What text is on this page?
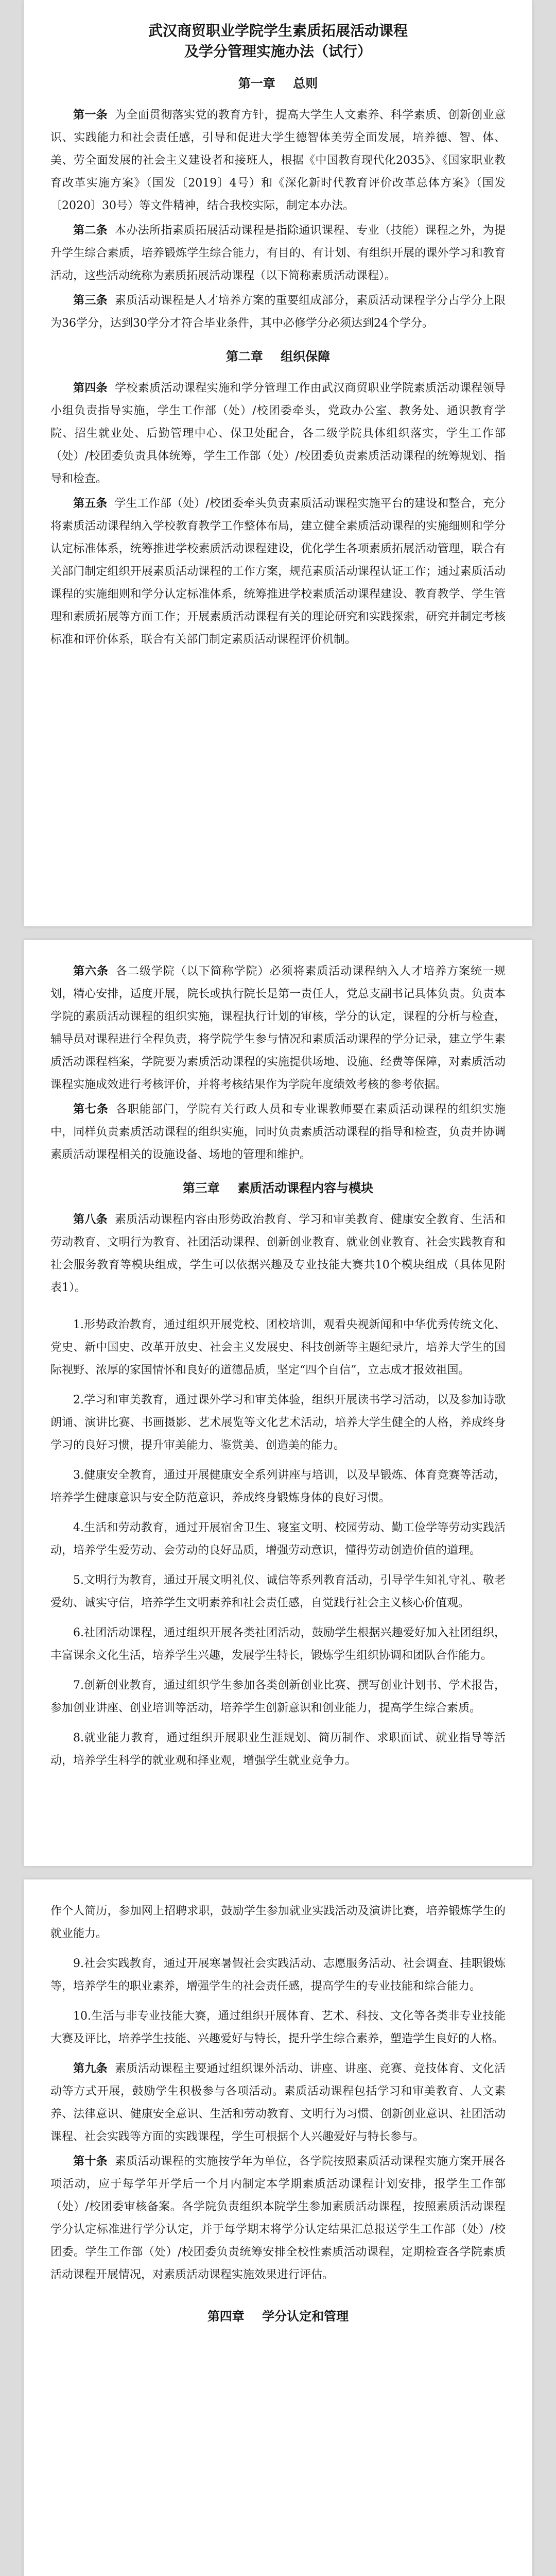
武汉商贸职业学院学生素质拓展活动课程
及学分管理实施办法（试行）
第一章 总则

第一条 为全面贯彻落实党的教育方针，提高大学生人文素养、科学素质、创新创业意识、实践能力和社会责任感，引导和促进大学生德智体美劳全面发展，培养德、智、体、美、劳全面发展的社会主义建设者和接班人，根据《中国教育现代化2035》、《国家职业教育改革实施方案》（国发〔2019〕4号）和《深化新时代教育评价改革总体方案》（国发〔2020〕30号）等文件精神，结合我校实际，制定本办法。

第二条 本办法所指素质拓展活动课程是指除通识课程、专业（技能）课程之外，为提升学生综合素质，培养锻炼学生综合能力，有目的、有计划、有组织开展的课外学习和教育活动，这些活动统称为素质拓展活动课程（以下简称素质活动课程）。

第三条 素质活动课程是人才培养方案的重要组成部分，素质活动课程学分占学分上限为36学分，达到30学分才符合毕业条件，其中必修学分必须达到24个学分。

第二章 组织保障

第四条 学校素质活动课程实施和学分管理工作由武汉商贸职业学院素质活动课程领导小组负责指导实施，学生工作部（处）/校团委牵头，党政办公室、教务处、通识教育学院、招生就业处、后勤管理中心、保卫处配合，各二级学院具体组织落实，学生工作部（处）/校团委负责具体统筹，学生工作部（处）/校团委负责素质活动课程的统筹规划、指导和检查。

第五条 学生工作部（处）/校团委牵头负责素质活动课程实施平台的建设和整合，充分将素质活动课程纳入学校教育教学工作整体布局，建立健全素质活动课程的实施细则和学分认定标准体系，统筹推进学校素质活动课程建设，优化学生各项素质拓展活动管理，联合有关部门制定组织开展素质活动课程的工作方案，规范素质活动课程认证工作；通过素质活动课程的实施细则和学分认定标准体系，统筹推进学校素质活动课程建设、教育教学、学生管理和素质拓展等方面工作；开展素质活动课程有关的理论研究和实践探索，研究并制定考核标准和评价体系，联合有关部门制定素质活动课程评价机制。

第六条 各二级学院（以下简称学院）必须将素质活动课程纳入人才培养方案统一规划，精心安排，适度开展，院长或执行院长是第一责任人，党总支副书记具体负责。负责本学院的素质活动课程的组织实施，课程执行计划的审核，学分的认定，课程的分析与检查，辅导员对课程进行全程负责，将学院学生参与情况和素质活动课程的学分记录，建立学生素质活动课程档案，学院要为素质活动课程的实施提供场地、设施、经费等保障，对素质活动课程实施成效进行考核评价，并将考核结果作为学院年度绩效考核的参考依据。

第七条 各职能部门，学院有关行政人员和专业课教师要在素质活动课程的组织实施中，同样负责素质活动课程的组织实施，同时负责素质活动课程的指导和检查，负责并协调素质活动课程相关的设施设备、场地的管理和维护。

第三章 素质活动课程内容与模块

第八条 素质活动课程内容由形势政治教育、学习和审美教育、健康安全教育、生活和劳动教育、文明行为教育、社团活动课程、创新创业教育、就业创业教育、社会实践教育和社会服务教育等模块组成，学生可以依据兴趣及专业技能大赛共10个模块组成（具体见附表1）。

1.形势政治教育，通过组织开展党校、团校培训，观看央视新闻和中华优秀传统文化、党史、新中国史、改革开放史、社会主义发展史、科技创新等主题纪录片，培养大学生的国际视野、浓厚的家国情怀和良好的道德品质，坚定“四个自信”，立志成才报效祖国。

2.学习和审美教育，通过课外学习和审美体验，组织开展读书学习活动，以及参加诗歌朗诵、演讲比赛、书画摄影、艺术展览等文化艺术活动，培养大学生健全的人格，养成终身学习的良好习惯，提升审美能力、鉴赏美、创造美的能力。

3.健康安全教育，通过开展健康安全系列讲座与培训，以及早锻炼、体育竞赛等活动，培养学生健康意识与安全防范意识，养成终身锻炼身体的良好习惯。

4.生活和劳动教育，通过开展宿舍卫生、寝室文明、校园劳动、勤工俭学等劳动实践活动，培养学生爱劳动、会劳动的良好品质，增强劳动意识，懂得劳动创造价值的道理。

5.文明行为教育，通过开展文明礼仪、诚信等系列教育活动，引导学生知礼守礼、敬老爱幼、诚实守信，培养学生文明素养和社会责任感，自觉践行社会主义核心价值观。

6.社团活动课程，通过组织开展各类社团活动，鼓励学生根据兴趣爱好加入社团组织，丰富课余文化生活，培养学生兴趣，发展学生特长，锻炼学生组织协调和团队合作能力。

7.创新创业教育，通过组织学生参加各类创新创业比赛、撰写创业计划书、学术报告，参加创业讲座、创业培训等活动，培养学生创新意识和创业能力，提高学生综合素质。

8.就业能力教育，通过组织开展职业生涯规划、简历制作、求职面试、就业指导等活动，培养学生科学的就业观和择业观，增强学生就业竞争力。

作个人简历，参加网上招聘求职，鼓励学生参加就业实践活动及演讲比赛，培养锻炼学生的就业能力。

9.社会实践教育，通过开展寒暑假社会实践活动、志愿服务活动、社会调查、挂职锻炼等，培养学生的职业素养，增强学生的社会责任感，提高学生的专业技能和综合能力。

10.生活与非专业技能大赛，通过组织开展体育、艺术、科技、文化等各类非专业技能大赛及评比，培养学生技能、兴趣爱好与特长，提升学生综合素养，塑造学生良好的人格。

第九条 素质活动课程主要通过组织课外活动、讲座、讲座、竞赛、竞技体育、文化活动等方式开展，鼓励学生积极参与各项活动。素质活动课程包括学习和审美教育、人文素养、法律意识、健康安全意识、生活和劳动教育、文明行为习惯、创新创业意识、社团活动课程、社会实践等方面的实践课程，学生可根据个人兴趣爱好与特长参与。

第十条 素质活动课程的实施按学年为单位，各学院按照素质活动课程实施方案开展各项活动，应于每学年开学后一个月内制定本学期素质活动课程计划安排，报学生工作部（处）/校团委审核备案。各学院负责组织本院学生参加素质活动课程，按照素质活动课程学分认定标准进行学分认定，并于每学期末将学分认定结果汇总报送学生工作部（处）/校团委。学生工作部（处）/校团委负责统筹安排全校性素质活动课程，定期检查各学院素质活动课程开展情况，对素质活动课程实施效果进行评估。

第四章 学分认定和管理
